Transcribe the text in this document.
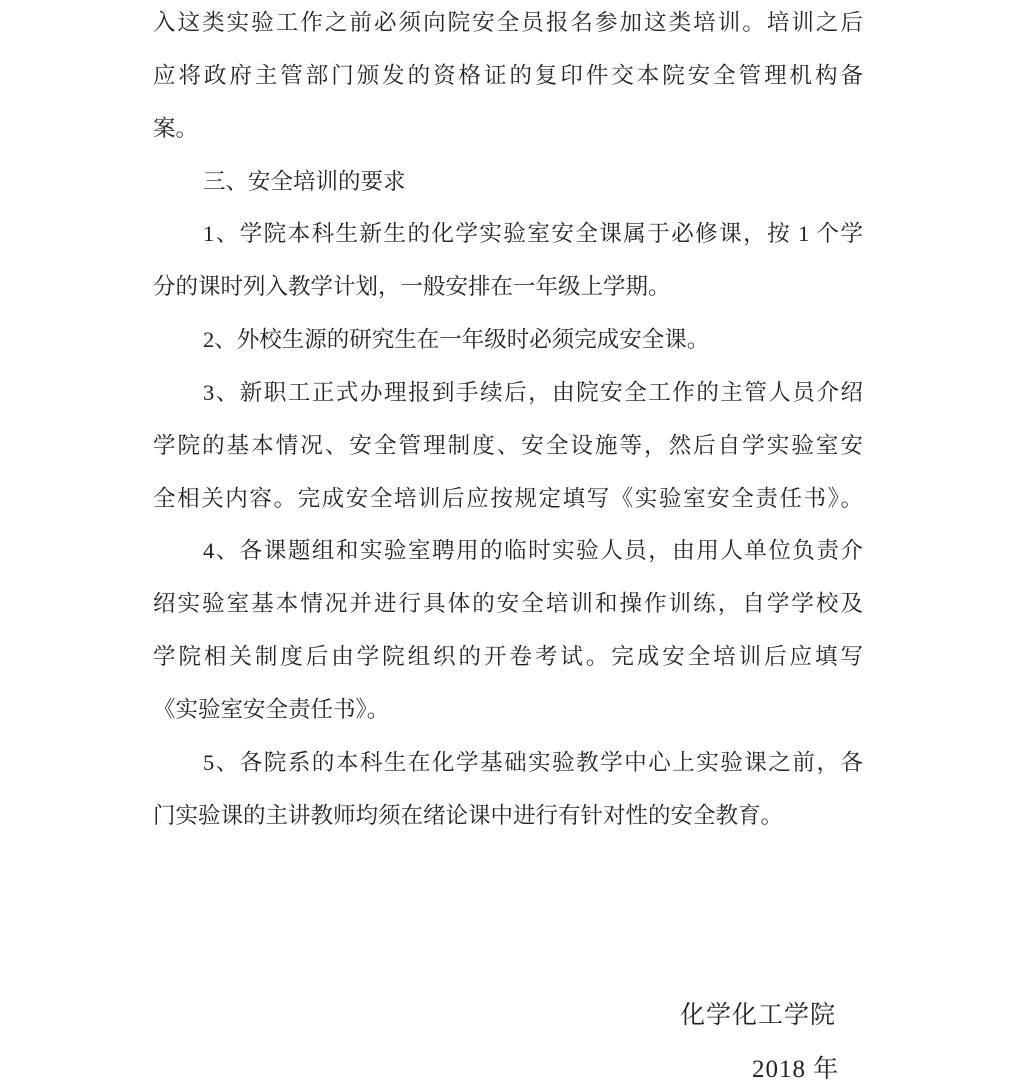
入这类实验工作之前必须向院安全员报名参加这类培训。培训之后
应将政府主管部门颁发的资格证的复印件交本院安全管理机构备
案。
三、安全培训的要求
1、学院本科生新生的化学实验室安全课属于必修课，按 1 个学
分的课时列入教学计划，一般安排在一年级上学期。
2、外校生源的研究生在一年级时必须完成安全课。
3、新职工正式办理报到手续后，由院安全工作的主管人员介绍
学院的基本情况、安全管理制度、安全设施等，然后自学实验室安
全相关内容。完成安全培训后应按规定填写《实验室安全责任书》。
4、各课题组和实验室聘用的临时实验人员，由用人单位负责介
绍实验室基本情况并进行具体的安全培训和操作训练，自学学校及
学院相关制度后由学院组织的开卷考试。完成安全培训后应填写
《实验室安全责任书》。
5、各院系的本科生在化学基础实验教学中心上实验课之前，各
门实验课的主讲教师均须在绪论课中进行有针对性的安全教育。
化学化工学院
2018 年
